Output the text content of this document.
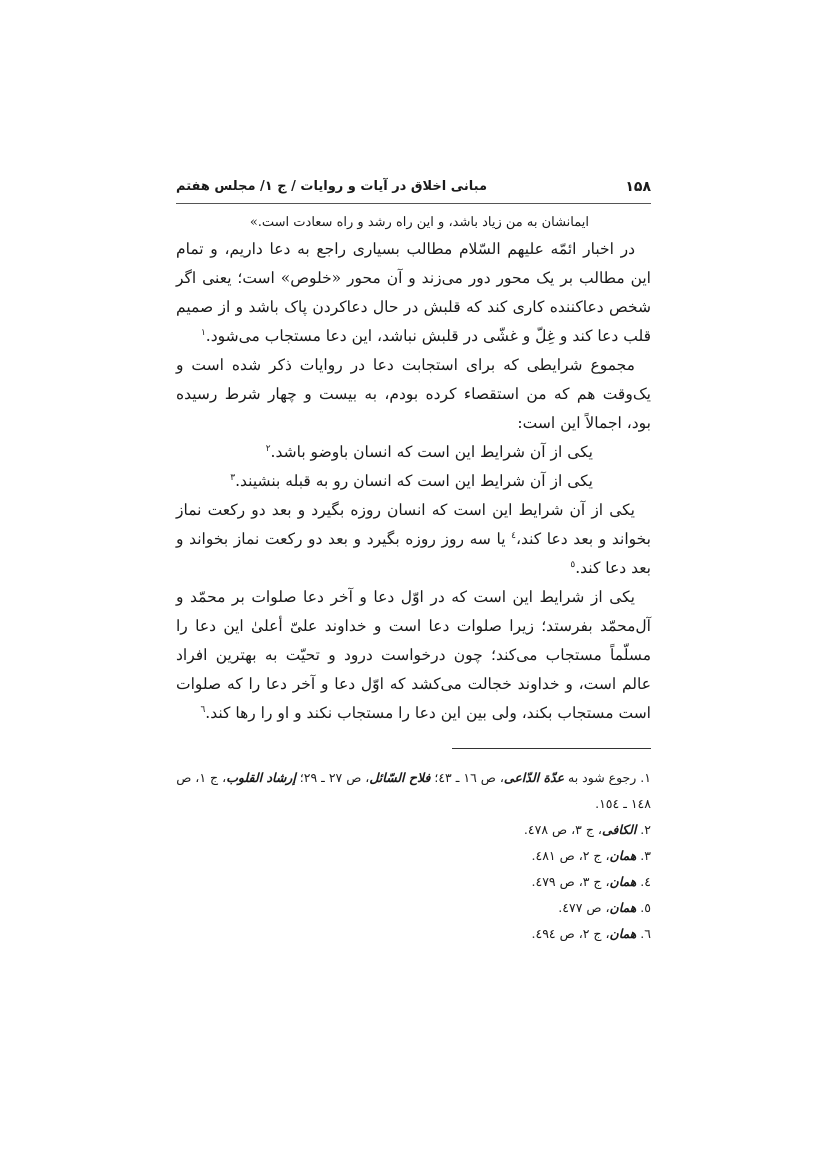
۱۵۸
مبانی اخلاق در آیات و روایات / ج ۱/ مجلس هفتم

ایمانشان به من زیاد باشد، و این راه رشد و راه سعادت است.»

در اخبار ائمّه علیهم السّلام مطالب بسیاری راجع به دعا داریم، و تمام این مطالب بر یک محور دور می‌زند و آن محور «خلوص» است؛ یعنی اگر شخص دعاکننده کاری کند که قلبش در حال دعاکردن پاک باشد و از صمیم قلب دعا کند و غِلّ و غشّی در قلبش نباشد، این دعا مستجاب می‌شود.$^۱$

مجموع شرایطی که برای استجابت دعا در روایات ذکر شده است و یک‌وقت هم که من استقصاء کرده بودم، به بیست و چهار شرط رسیده بود، اجمالاً این است:

یکی از آن شرایط این است که انسان باوضو باشد.$^۲$

یکی از آن شرایط این است که انسان رو به قبله بنشیند.$^۳$

یکی از آن شرایط این است که انسان روزه بگیرد و بعد دو رکعت نماز بخواند و بعد دعا کند،$^٤$ یا سه روز روزه بگیرد و بعد دو رکعت نماز بخواند و بعد دعا کند.$^٥$

یکی از شرایط این است که در اوّل دعا و آخر دعا صلوات بر محمّد و آل‌محمّد بفرستد؛ زیرا صلوات دعا است و خداوند علیّ أعلیٰ این دعا را مسلّماً مستجاب می‌کند؛ چون درخواست درود و تحیّت به بهترین افراد عالم است، و خداوند خجالت می‌کشد که اوّل دعا و آخر دعا را که صلوات است مستجاب بکند، ولی بین این دعا را مستجاب نکند و او را رها کند.$^٦$

۱. رجوع شود به عدّة الدّاعی، ص ۱٦ ـ ٤۳؛ فلاح السّائل، ص ۲۷ ـ ۲۹؛ إرشاد القلوب، ج ۱، ص ۱٤۸ ـ ۱٥٤.

۲. الکافی، ج ۳، ص ٤۷۸.

۳. همان، ج ۲، ص ٤۸۱.

٤. همان، ج ۳، ص ٤۷۹.

٥. همان، ص ٤۷۷.

٦. همان، ج ۲، ص ٤۹٤.
